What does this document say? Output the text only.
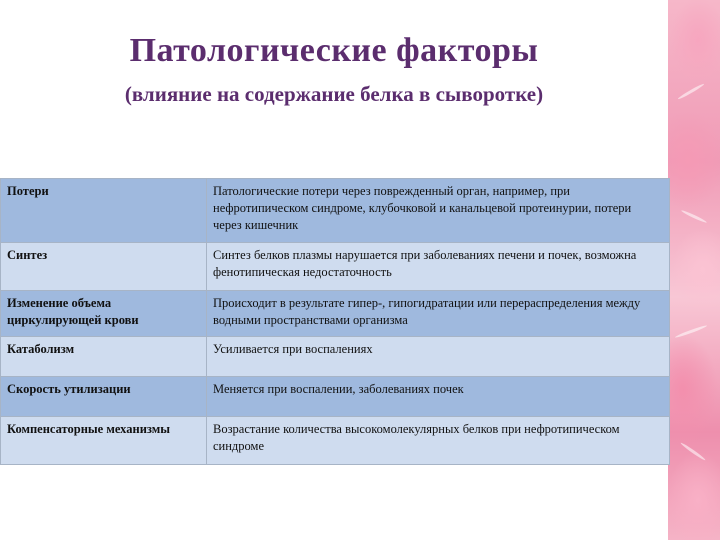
Патологические факторы
(влияние на содержание белка в сыворотке)
Потери	Патологические потери через поврежденный орган, например, при нефротипическом синдроме, клубочковой и канальцевой протеинурии, потери через кишечник
Синтез	Синтез белков плазмы нарушается при заболеваниях печени и почек, возможна фенотипическая недостаточность
Изменение объема циркулирующей крови	Происходит в результате гипер-, гипогидратации или перераспределения между водными пространствами организма
Катаболизм	Усиливается при воспалениях
Скорость утилизации	Меняется при воспалении, заболеваниях почек
Компенсаторные механизмы	Возрастание количества высокомолекулярных белков при нефротипическом синдроме
